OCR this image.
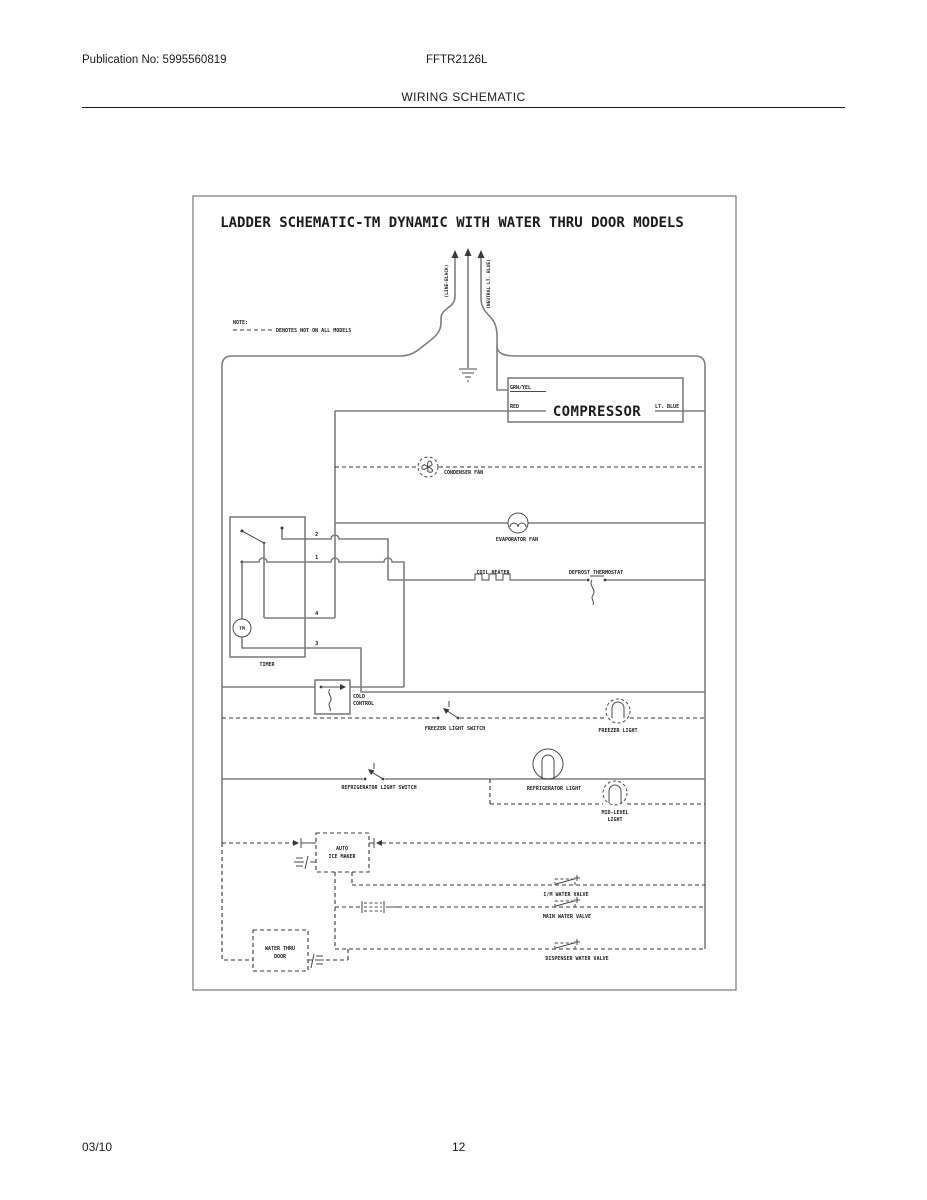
Publication No: 5995560819	FFTR2126L
WIRING SCHEMATIC
LADDER SCHEMATIC-TM DYNAMIC WITH WATER THRU DOOR MODELS
NOTE:
DENOTES NOT ON ALL MODELS
(LINE-BLACK)	(NEUTRAL LT. BLUE)
GRN/YEL
RED COMPRESSOR	LT. BLUE
CONDENSER FAN
EVAPORATOR FAN
COIL HEATER	DEFROST THERMOSTAT
TIMER
TM
2
1
4
3
COLD
CONTROL
FREEZER LIGHT SWITCH	FREEZER LIGHT
REFRIGERATOR LIGHT SWITCH	REFRIGERATOR LIGHT
MID-LEVEL
LIGHT
AUTO
ICE MAKER
I/M WATER VALVE
MAIN WATER VALVE
DISPENSER WATER VALVE
WATER THRU
DOOR
03/10	12
